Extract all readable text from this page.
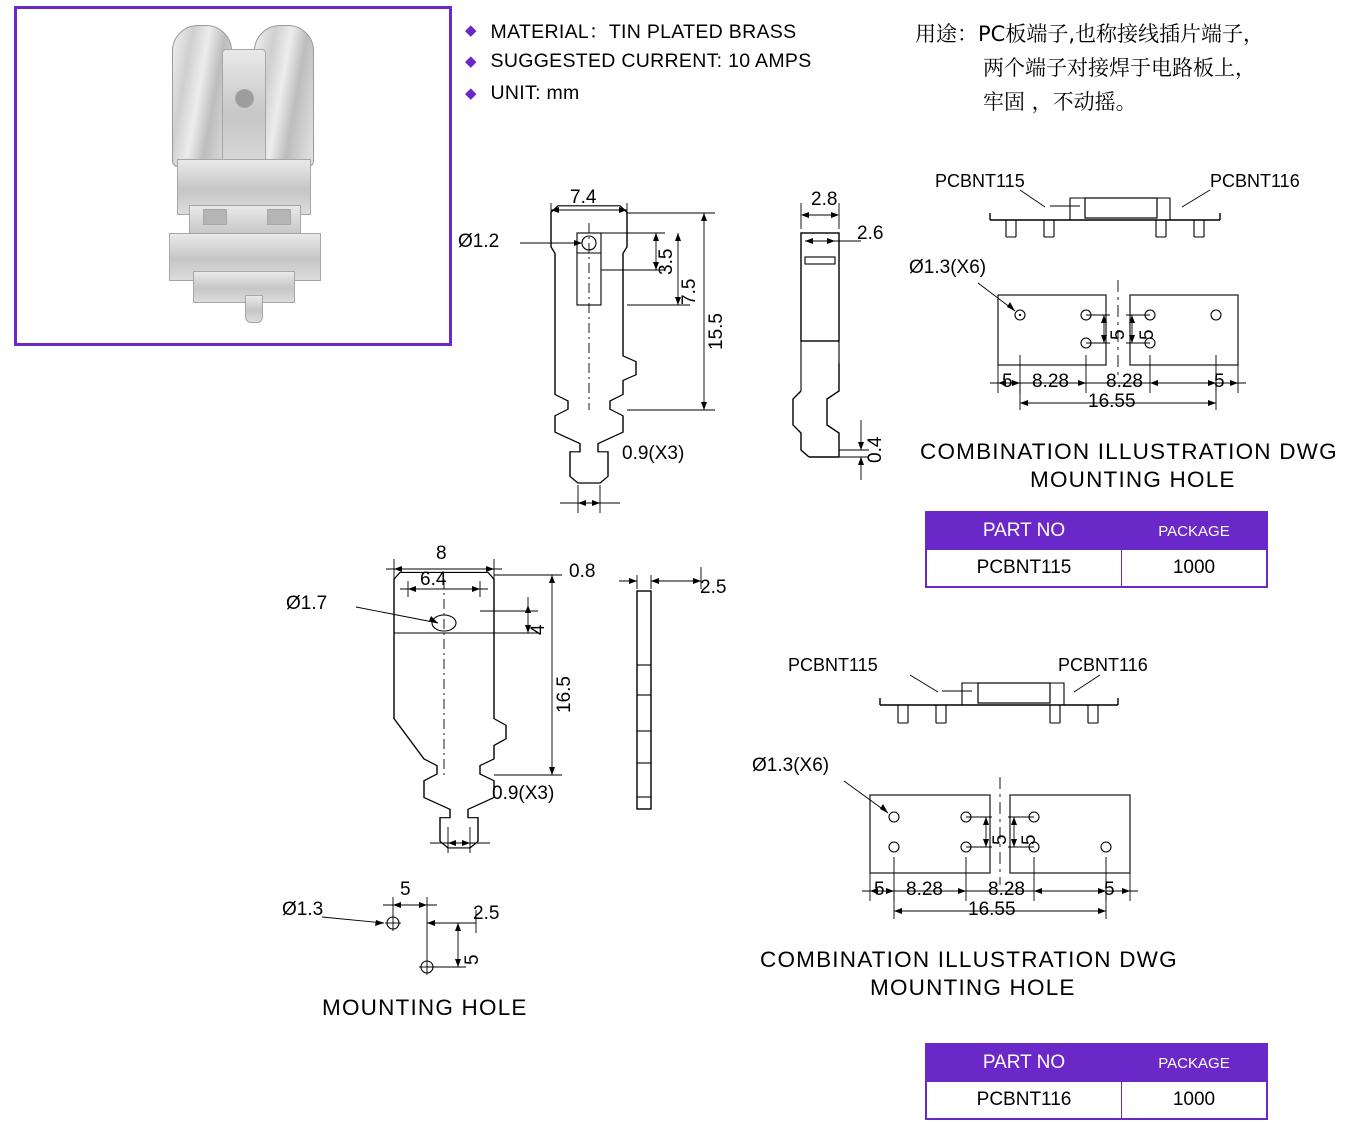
◆ MATERIAL：TIN PLATED BRASS
◆ SUGGESTED CURRENT: 10 AMPS
◆ UNIT: mm
用途：PC板端子,也称接线插片端子，
两个端子对接焊于电路板上，
牢固 ，不动摇。
7.4
Ø1.2
3.5
7.5
15.5
0.9(X3)
2.8
2.6
0.4
PCBNT115	PCBNT116
Ø1.3(X6)
5 5
5 8.28 8.28	5
16.55
COMBINATION ILLUSTRATION DWG
MOUNTING HOLE
PART NO	PACKAGE
PCBNT115	1000
8
6.4
Ø1.7
4
16.5
0.9(X3)
0.8
2.5
Ø1.3
5
2.5
5
MOUNTING HOLE
PCBNT115	PCBNT116
Ø1.3(X6)
5 5
5 8.28 8.28	5
16.55
COMBINATION ILLUSTRATION DWG
MOUNTING HOLE
PART NO	PACKAGE
PCBNT116	1000
